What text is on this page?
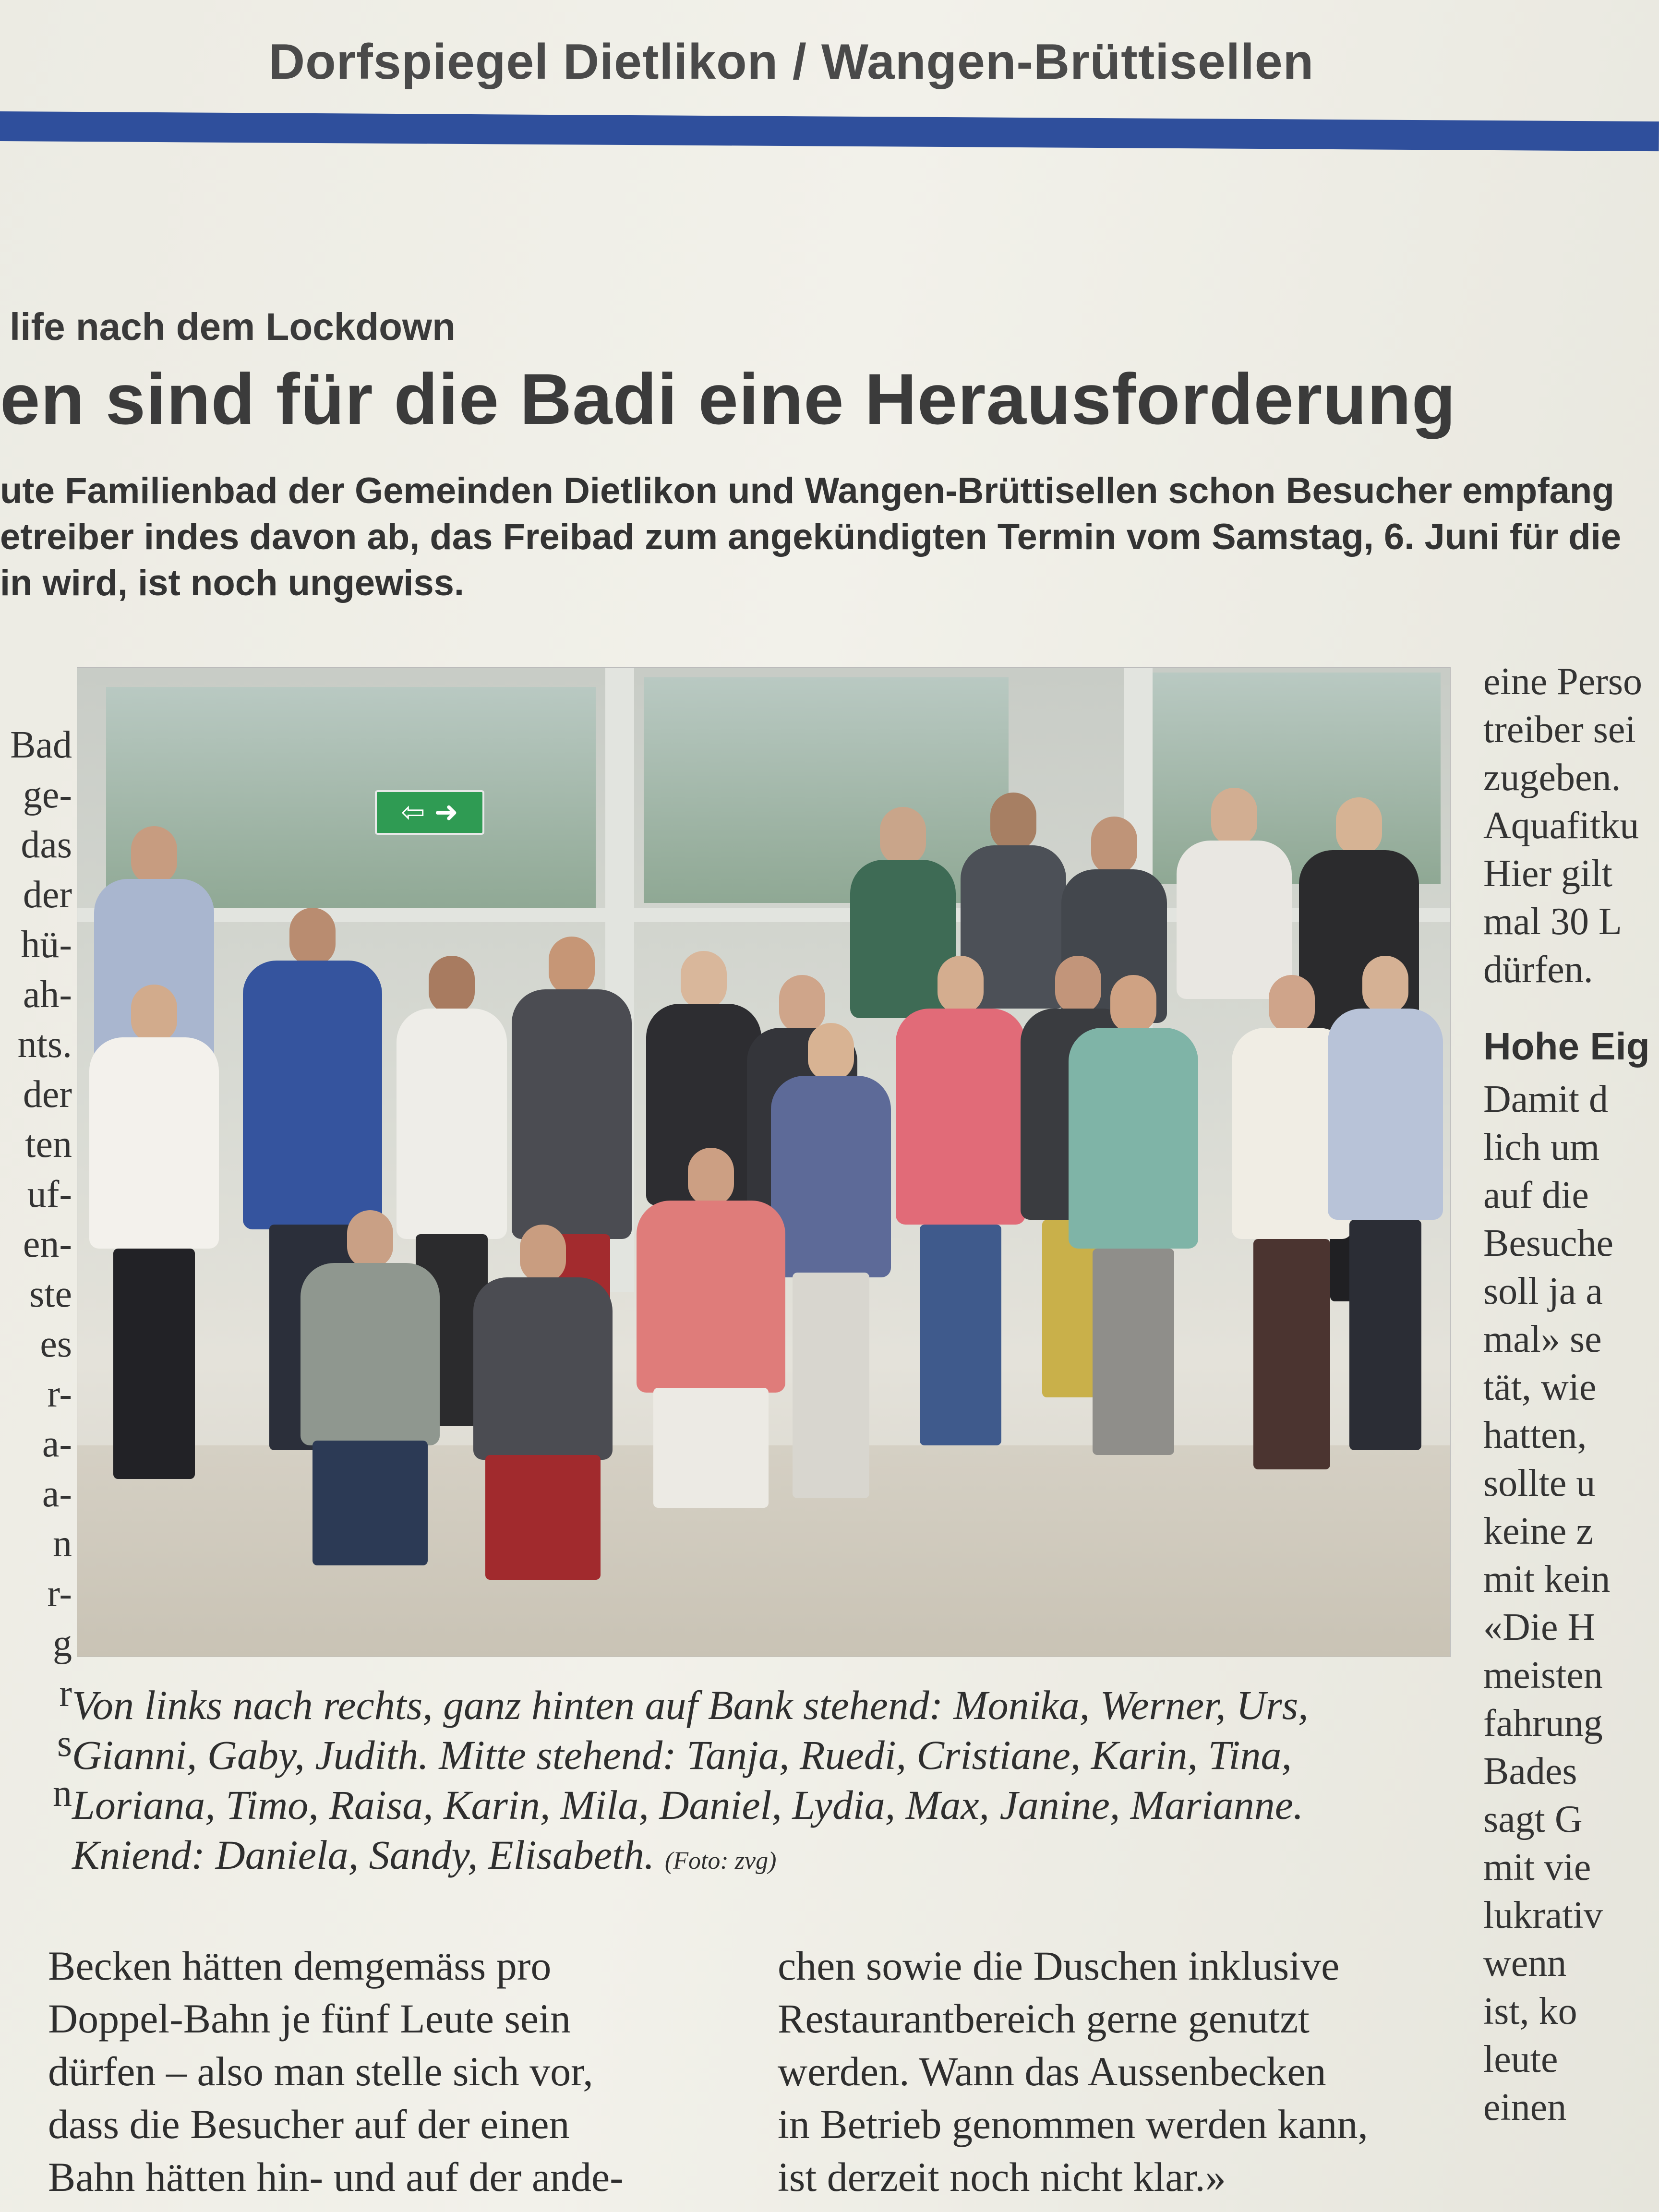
Dorfspiegel Dietlikon / Wangen-Brüttisellen
life nach dem Lockdown
en sind für die Badi eine Herausforderung
ute Familienbad der Gemeinden Dietlikon und Wangen-Brüttisellen schon Besucher empfang
etreiber indes davon ab, das Freibad zum angekündigten Termin vom Samstag, 6. Juni für die
in wird, ist noch ungewiss.
Bad
ge-
das
der
hü-
ah-
nts.
der
ten
uf-
en-
ste
es
r-
a-
a-
n
r-
g
r
s
n
⇦ ➜
Von links nach rechts, ganz hinten auf Bank stehend: Monika, Werner, Urs,
Gianni, Gaby, Judith. Mitte stehend: Tanja, Ruedi, Cristiane, Karin, Tina,
Loriana, Timo, Raisa, Karin, Mila, Daniel, Lydia, Max, Janine, Marianne.
Kniend: Daniela, Sandy, Elisabeth. (Foto: zvg)
Becken hätten demgemäss pro
Doppel-Bahn je fünf Leute sein
dürfen – also man stelle sich vor,
dass die Besucher auf der einen
Bahn hätten hin- und auf der ande-
chen sowie die Duschen inklusive
Restaurantbereich gerne genutzt
werden. Wann das Aussenbecken
in Betrieb genommen werden kann,
ist derzeit noch nicht klar.»
eine Perso
treiber sei
zugeben.
Aquafitku
Hier gilt
mal 30 L
dürfen.
Hohe Eig
Damit d
lich um
auf die
Besuche
soll ja a
mal» se
tät, wie
hatten,
sollte u
keine z
mit kein
«Die H
meisten
fahrung
Bades
sagt G
mit vie
lukrativ
wenn
ist, ko
leute
einen
